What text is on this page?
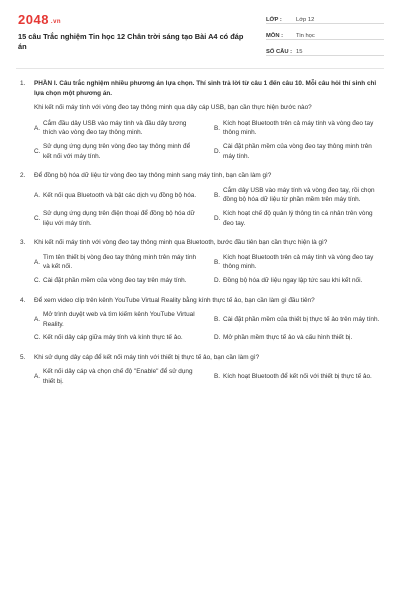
2048 .vn
15 câu Trắc nghiệm Tin học 12 Chân trời sáng tạo Bài A4 có đáp án
LỚP :	Lớp 12
MÔN :	Tin học
SỐ CÂU : 15
1.	PHẦN I. Câu trắc nghiệm nhiều phương án lựa chọn. Thí sinh trả lời từ câu 1 đến câu 10. Mỗi câu hỏi thí sinh chỉ lựa chọn một phương án.
Khi kết nối máy tính với vòng đeo tay thông minh qua dây cáp USB, bạn cần thực hiện bước nào?
A.
Cắm đầu dây USB vào máy tính và đầu dây tương thích vào vòng đeo tay thông minh.
B.
Kích hoạt Bluetooth trên cả máy tính và vòng đeo tay thông minh.
C.
Sử dụng ứng dụng trên vòng đeo tay thông minh để kết nối với máy tính.
D.
Cài đặt phần mềm của vòng đeo tay thông minh trên máy tính.
2.	Để đồng bộ hóa dữ liệu từ vòng đeo tay thông minh sang máy tính, bạn cần làm gì?
A. Kết nối qua Bluetooth và bật các dịch vụ đồng bộ hóa.	B.
Cắm dây USB vào máy tính và vòng đeo tay, rồi chọn đồng bộ hóa dữ liệu từ phần mềm trên máy tính.
C.
Sử dụng ứng dụng trên điện thoại để đồng bộ hóa dữ liệu với máy tính.
D.
Kích hoạt chế độ quản lý thông tin cá nhân trên vòng đeo tay.
3.	Khi kết nối máy tính với vòng đeo tay thông minh qua Bluetooth, bước đầu tiên bạn cần thực hiện là gì?
A.
Tìm tên thiết bị vòng đeo tay thông minh trên máy tính và kết nối.
B.
Kích hoạt Bluetooth trên cả máy tính và vòng đeo tay thông minh.
C. Cài đặt phần mềm của vòng đeo tay trên máy tính.	D. Đồng bộ hóa dữ liệu ngay lập tức sau khi kết nối.
4.	Để xem video clip trên kênh YouTube Virtual Reality bằng kính thực tế ảo, bạn cần làm gì đầu tiên?
A.
Mở trình duyệt web và tìm kiếm kênh YouTube Virtual Reality.
B. Cài đặt phần mềm của thiết bị thực tế ảo trên máy tính.
C. Kết nối dây cáp giữa máy tính và kính thực tế ảo.	D. Mở phần mềm thực tế ảo và cấu hình thiết bị.
5.	Khi sử dụng dây cáp để kết nối máy tính với thiết bị thực tế ảo, bạn cần làm gì?
A.
Kết nối dây cáp và chọn chế độ "Enable" để sử dụng thiết bị.
B. Kích hoạt Bluetooth để kết nối với thiết bị thực tế ảo.
